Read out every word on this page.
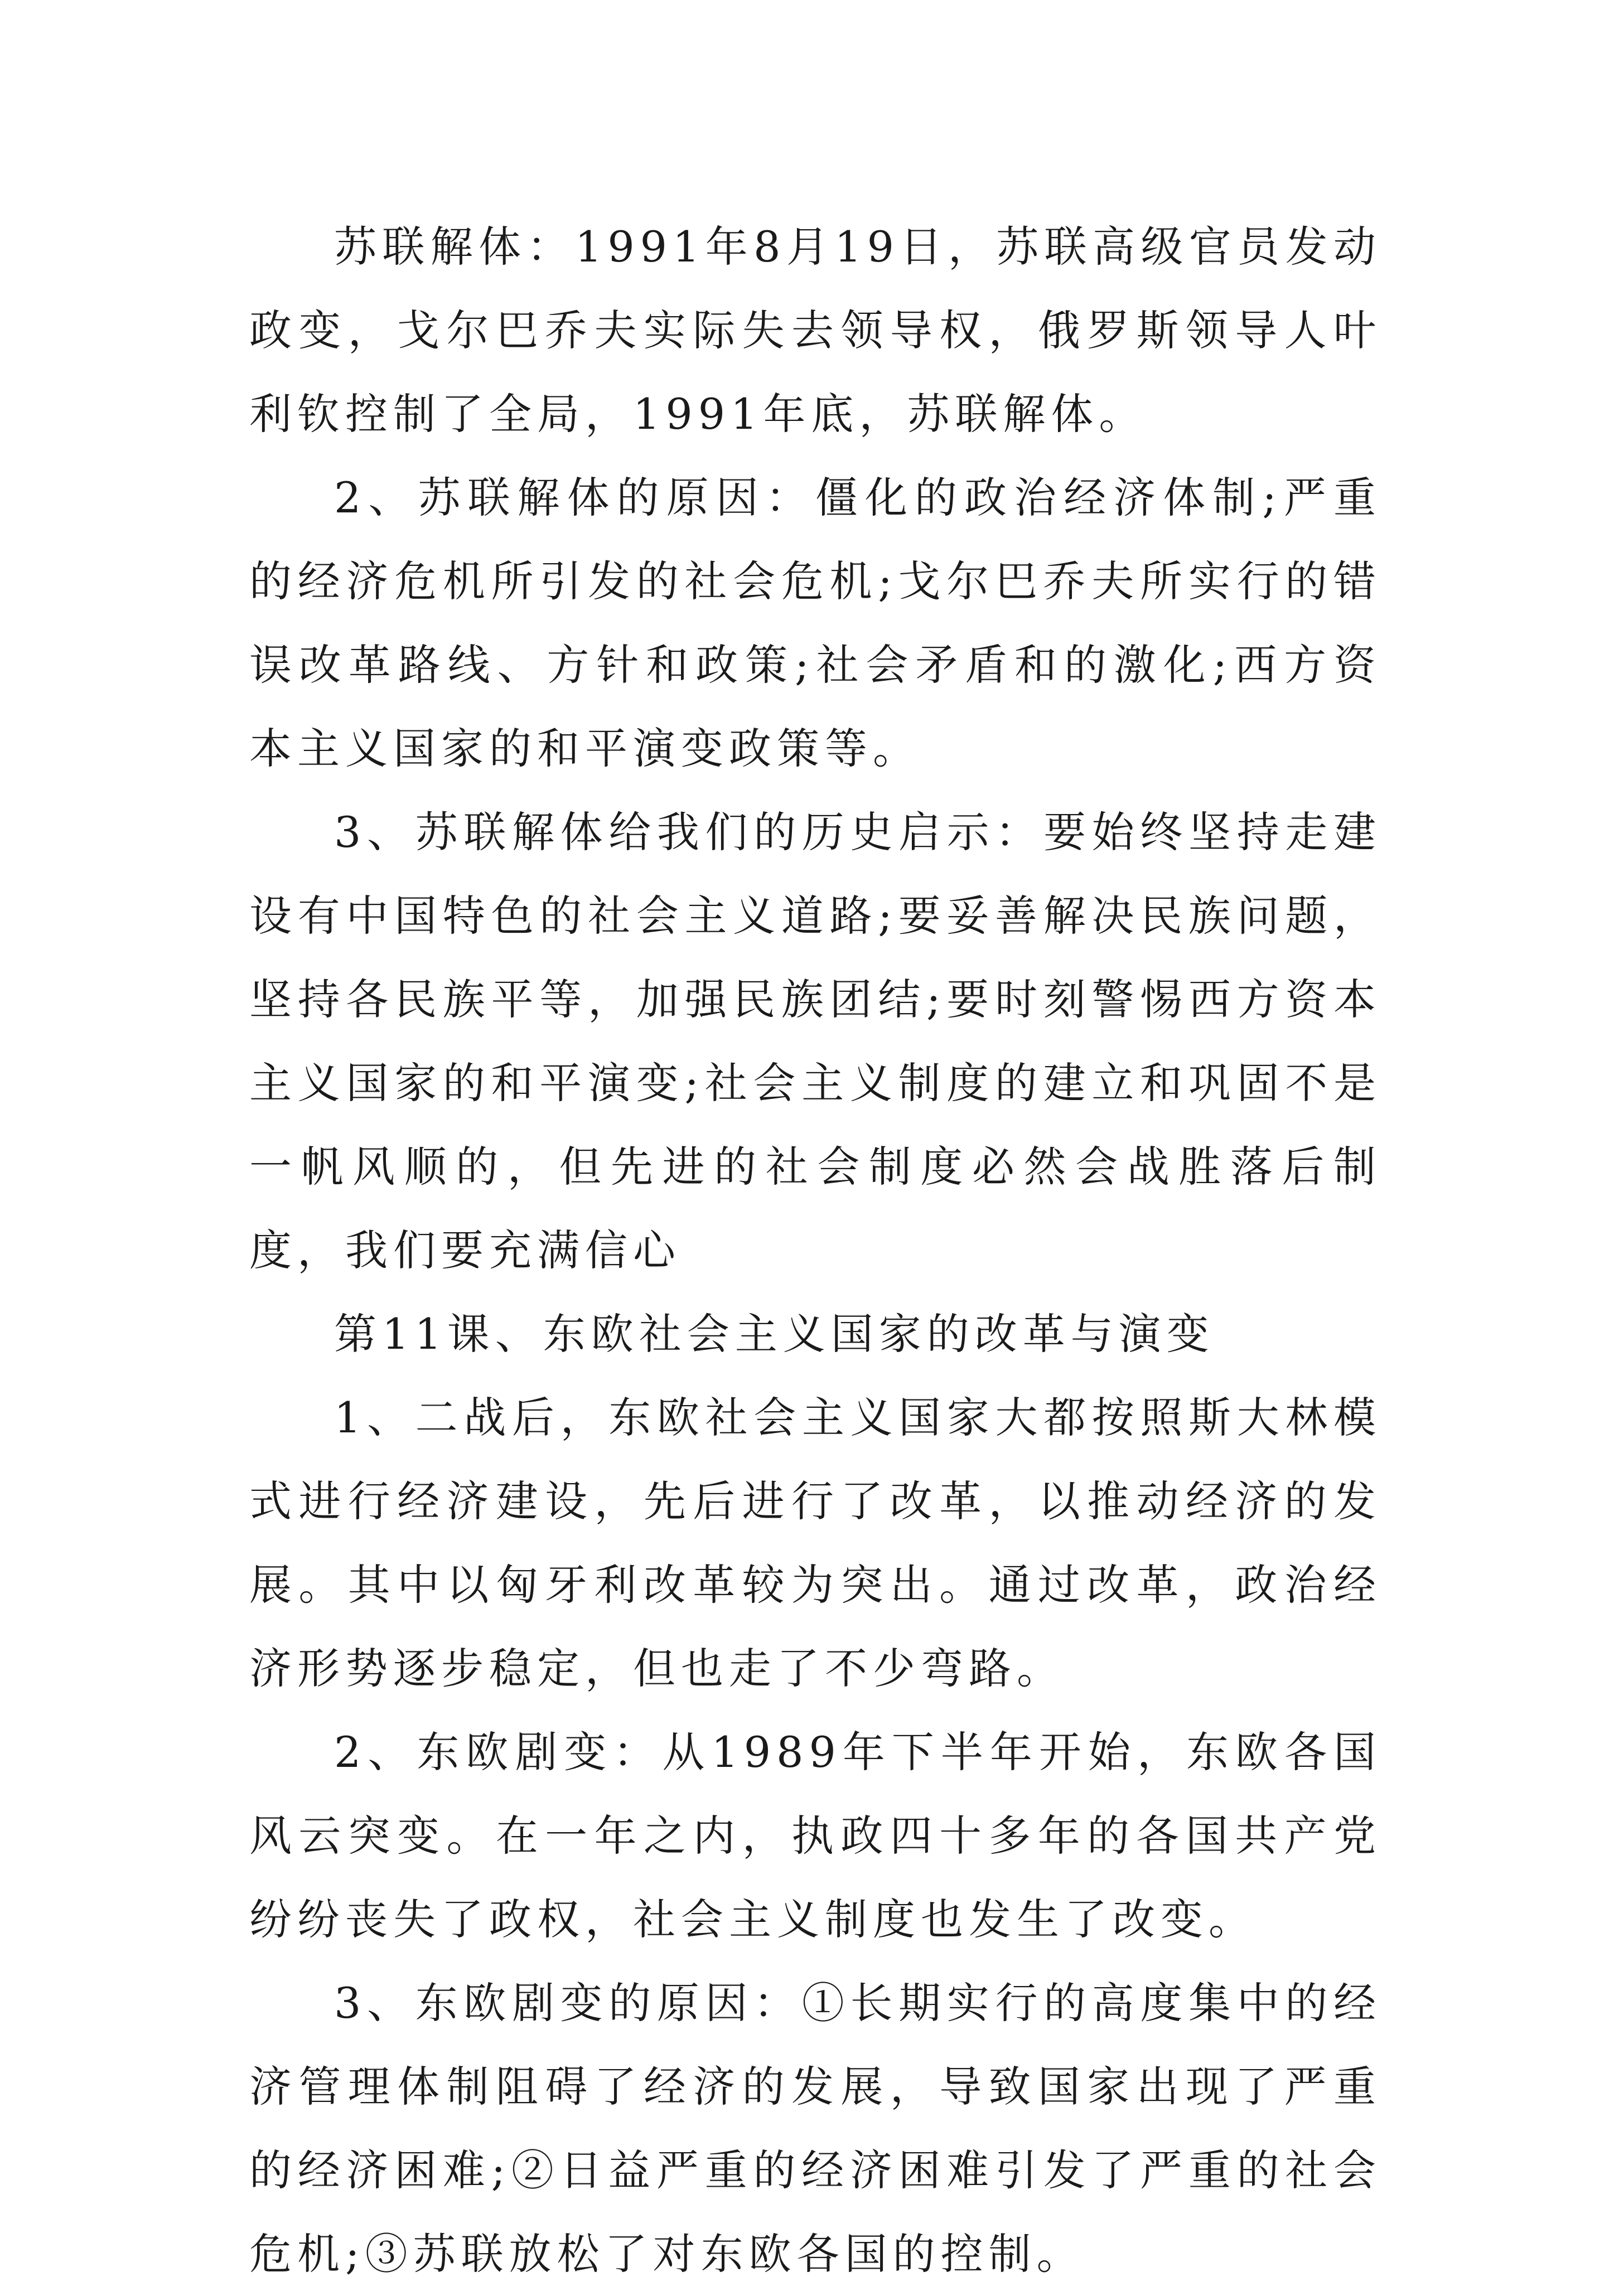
苏联解体：1991年8月19日，苏联高级官员发动政变，戈尔巴乔夫实际失去领导权，俄罗斯领导人叶利钦控制了全局，1991年底，苏联解体。

2、苏联解体的原因：僵化的政治经济体制;严重的经济危机所引发的社会危机;戈尔巴乔夫所实行的错误改革路线、方针和政策;社会矛盾和的激化;西方资本主义国家的和平演变政策等。

3、苏联解体给我们的历史启示：要始终坚持走建设有中国特色的社会主义道路;要妥善解决民族问题，坚持各民族平等，加强民族团结;要时刻警惕西方资本主义国家的和平演变;社会主义制度的建立和巩固不是一帆风顺的，但先进的社会制度必然会战胜落后制度，我们要充满信心

第11课、东欧社会主义国家的改革与演变

1、二战后，东欧社会主义国家大都按照斯大林模式进行经济建设，先后进行了改革，以推动经济的发展。其中以匈牙利改革较为突出。通过改革，政治经济形势逐步稳定，但也走了不少弯路。

2、东欧剧变：从1989年下半年开始，东欧各国风云突变。在一年之内，执政四十多年的各国共产党纷纷丧失了政权，社会主义制度也发生了改变。

3、东欧剧变的原因：①长期实行的高度集中的经济管理体制阻碍了经济的发展，导致国家出现了严重的经济困难;②日益严重的经济困难引发了严重的社会危机;③苏联放松了对东欧各国的控制。
